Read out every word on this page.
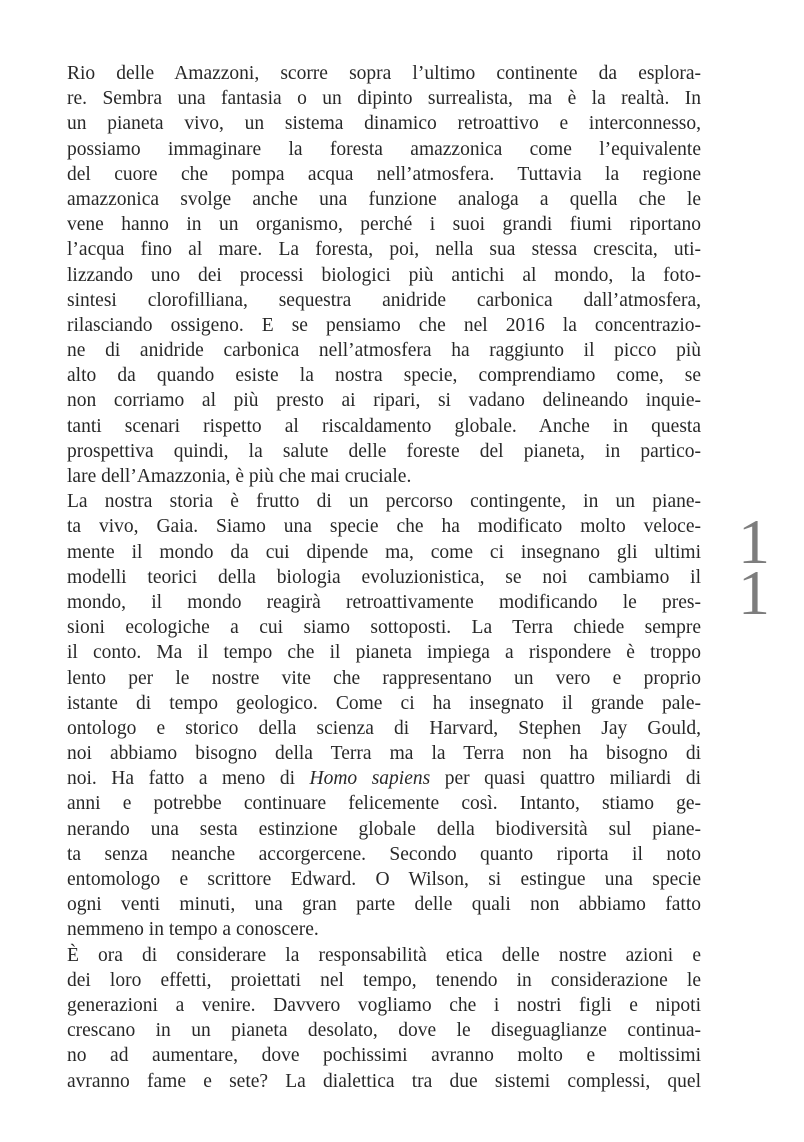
Rio delle Amazzoni, scorre sopra l’ultimo continente da esplora-
re. Sembra una fantasia o un dipinto surrealista, ma è la realtà. In
un pianeta vivo, un sistema dinamico retroattivo e interconnesso,
possiamo immaginare la foresta amazzonica come l’equivalente
del cuore che pompa acqua nell’atmosfera. Tuttavia la regione
amazzonica svolge anche una funzione analoga a quella che le
vene hanno in un organismo, perché i suoi grandi fiumi riportano
l’acqua fino al mare. La foresta, poi, nella sua stessa crescita, uti-
lizzando uno dei processi biologici più antichi al mondo, la foto-
sintesi clorofilliana, sequestra anidride carbonica dall’atmosfera,
rilasciando ossigeno. E se pensiamo che nel 2016 la concentrazio-
ne di anidride carbonica nell’atmosfera ha raggiunto il picco più
alto da quando esiste la nostra specie, comprendiamo come, se
non corriamo al più presto ai ripari, si vadano delineando inquie-
tanti scenari rispetto al riscaldamento globale. Anche in questa
prospettiva quindi, la salute delle foreste del pianeta, in partico-
lare dell’Amazzonia, è più che mai cruciale.
La nostra storia è frutto di un percorso contingente, in un piane-
ta vivo, Gaia. Siamo una specie che ha modificato molto veloce-
mente il mondo da cui dipende ma, come ci insegnano gli ultimi
modelli teorici della biologia evoluzionistica, se noi cambiamo il
mondo, il mondo reagirà retroattivamente modificando le pres-
sioni ecologiche a cui siamo sottoposti. La Terra chiede sempre
il conto. Ma il tempo che il pianeta impiega a rispondere è troppo
lento per le nostre vite che rappresentano un vero e proprio
istante di tempo geologico. Come ci ha insegnato il grande pale-
ontologo e storico della scienza di Harvard, Stephen Jay Gould,
noi abbiamo bisogno della Terra ma la Terra non ha bisogno di
noi. Ha fatto a meno di Homo sapiens per quasi quattro miliardi di
anni e potrebbe continuare felicemente così. Intanto, stiamo ge-
nerando una sesta estinzione globale della biodiversità sul piane-
ta senza neanche accorgercene. Secondo quanto riporta il noto
entomologo e scrittore Edward. O Wilson, si estingue una specie
ogni venti minuti, una gran parte delle quali non abbiamo fatto
nemmeno in tempo a conoscere.
È ora di considerare la responsabilità etica delle nostre azioni e
dei loro effetti, proiettati nel tempo, tenendo in considerazione le
generazioni a venire. Davvero vogliamo che i nostri figli e nipoti
crescano in un pianeta desolato, dove le diseguaglianze continua-
no ad aumentare, dove pochissimi avranno molto e moltissimi
avranno fame e sete? La dialettica tra due sistemi complessi, quel
1
1
